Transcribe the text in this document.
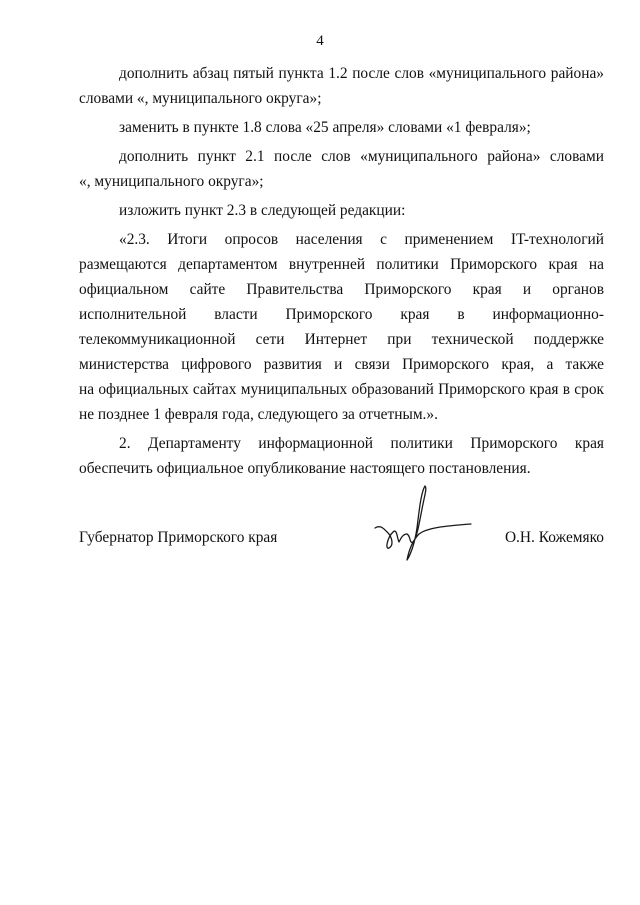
4
дополнить абзац пятый пункта 1.2 после слов «муниципального района»
словами «, муниципального округа»;
заменить в пункте 1.8 слова «25 апреля» словами «1 февраля»;
дополнить пункт 2.1 после слов «муниципального района» словами
«, муниципального округа»;
изложить пункт 2.3 в следующей редакции:
«2.3. Итоги опросов населения с применением IT-технологий
размещаются департаментом внутренней политики Приморского края на
официальном сайте Правительства Приморского края и органов
исполнительной власти Приморского края в информационно-
телекоммуникационной сети Интернет при технической поддержке
министерства цифрового развития и связи Приморского края, а также
на официальных сайтах муниципальных образований Приморского края в срок
не позднее 1 февраля года, следующего за отчетным.».
2. Департаменту информационной политики Приморского края
обеспечить официальное опубликование настоящего постановления.
Губернатор Приморского края	О.Н. Кожемяко
